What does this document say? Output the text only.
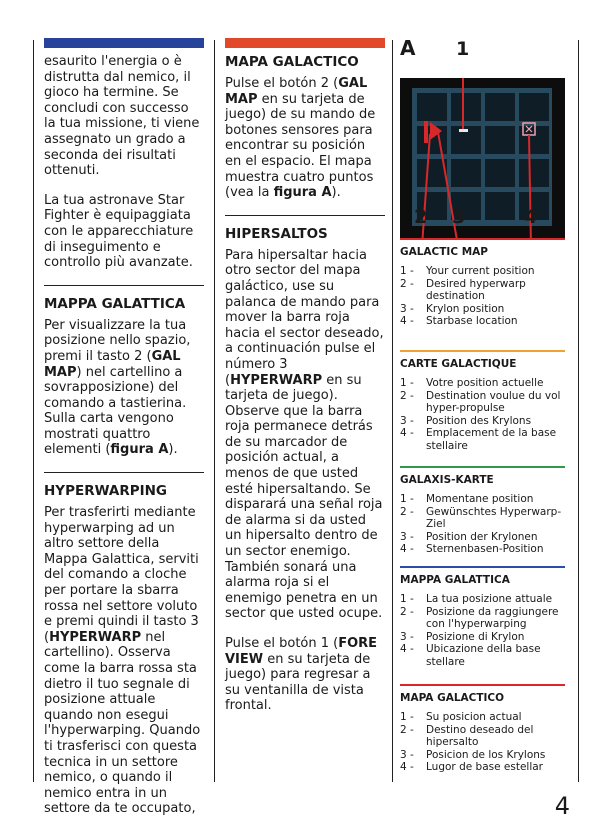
esaurito l'energia o è distrutta dal nemico, il gioco ha termine. Se concludi con successo la tua missione, ti viene assegnato un grado a seconda dei risultati ottenuti.

La tua astronave Star Fighter è equipaggiata con le apparecchiature di inseguimento e controllo più avanzate.

MAPPA GALATTICA

Per visualizzare la tua posizione nello spazio, premi il tasto 2 (GAL MAP) nel cartellino a sovrapposizione) del comando a tastierina. Sulla carta vengono mostrati quattro elementi (figura A).

HYPERWARPING

Per trasferirti mediante hyperwarping ad un altro settore della Mappa Galattica, serviti del comando a cloche per portare la sbarra rossa nel settore voluto e premi quindi il tasto 3 (HYPERWARP nel cartellino). Osserva come la barra rossa sta dietro il tuo segnale di posizione attuale quando non esegui l'hyperwarping. Quando ti trasferisci con questa tecnica in un settore nemico, o quando il nemico entra in un settore da te occupato,

MAPA GALACTICO

Pulse el botón 2 (GAL MAP en su tarjeta de juego) de su mando de botones sensores para encontrar su posición en el espacio. El mapa muestra cuatro puntos (vea la figura A).

HIPERSALTOS

Para hipersaltar hacia otro sector del mapa galáctico, use su palanca de mando para mover la barra roja hacia el sector deseado, a continuación pulse el número 3 (HYPERWARP en su tarjeta de juego). Observe que la barra roja permanece detrás de su marcador de posición actual, a menos de que usted esté hipersaltando. Se disparará una señal roja de alarma si da usted un hipersalto dentro de un sector enemigo. También sonará una alarma roja si el enemigo penetra en un sector que usted ocupe.

Pulse el botón 1 (FORE VIEW en su tarjeta de juego) para regresar a su ventanilla de vista frontal.

A 1
2 3	4
GALACTIC MAP
1 -	Your current position
2 -	Desired hyperwarp destination
3 -	Krylon position
4 -	Starbase location
CARTE GALACTIQUE
1 -	Votre position actuelle
2 -	Destination voulue du vol hyper-propulse
3 -	Position des Krylons
4 -	Emplacement de la base stellaire
GALAXIS-KARTE
1 -	Momentane position
2 -	Gewünschtes Hyperwarp-Ziel
3 -	Position der Krylonen
4 -	Sternenbasen-Position
MAPPA GALATTICA
1 -	La tua posizione attuale
2 -	Posizione da raggiungere con l'hyperwarping
3 -	Posizione di Krylon
4 -	Ubicazione della base stellare
MAPA GALACTICO
1 -	Su posicion actual
2 -	Destino deseado del hipersalto
3 -	Posicion de los Krylons
4 -	Lugor de base estellar
4
